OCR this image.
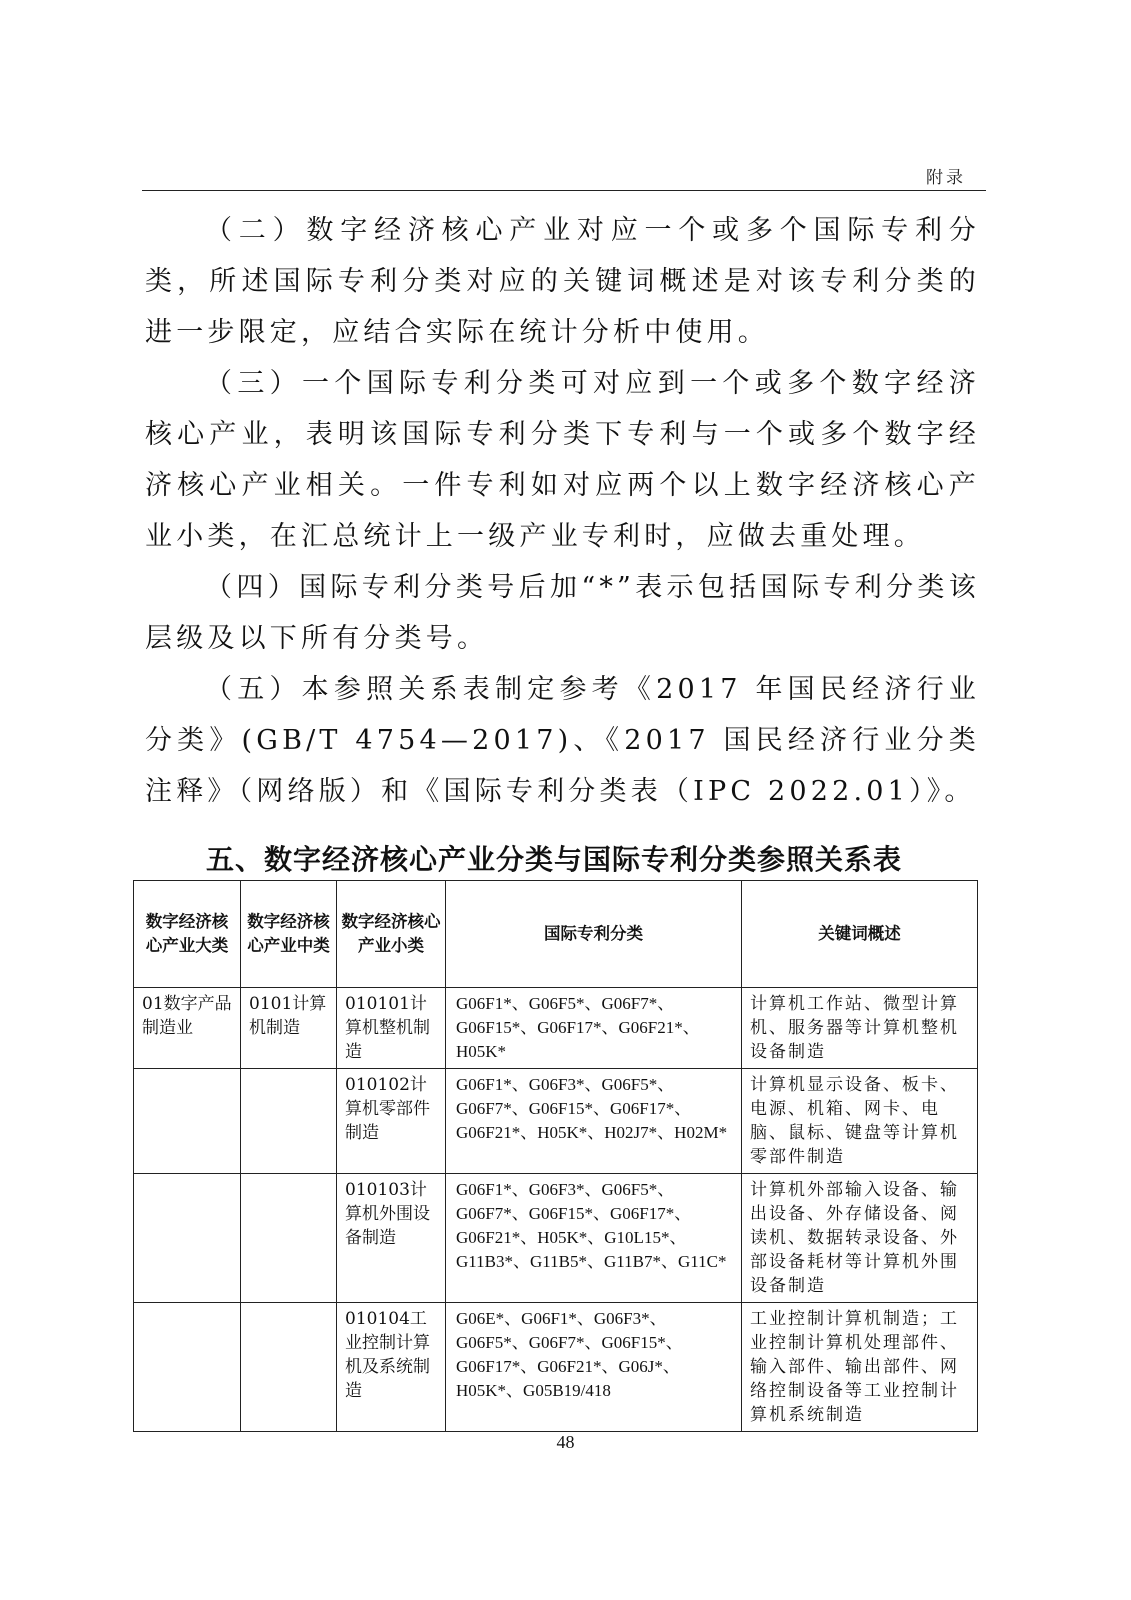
附录

（二）数字经济核心产业对应一个或多个国际专利分类，所述国际专利分类对应的关键词概述是对该专利分类的进一步限定，应结合实际在统计分析中使用。

（三）一个国际专利分类可对应到一个或多个数字经济核心产业，表明该国际专利分类下专利与一个或多个数字经济核心产业相关。一件专利如对应两个以上数字经济核心产业小类，在汇总统计上一级产业专利时，应做去重处理。

（四）国际专利分类号后加“*”表示包括国际专利分类该层级及以下所有分类号。

（五）本参照关系表制定参考《2017 年国民经济行业分类》(GB/T 4754—2017)、《2017 国民经济行业分类注释》（网络版）和《国际专利分类表（IPC 2022.01）》。

五、数字经济核心产业分类与国际专利分类参照关系表
数字经济核心产业大类	数字经济核心产业中类	数字经济核心产业小类	国际专利分类	关键词概述
01数字产品制造业	0101计算机制造	010101计算机整机制造	G06F1*、G06F5*、G06F7*、G06F15*、G06F17*、G06F21*、H05K*	计算机工作站、微型计算机、服务器等计算机整机设备制造
		010102计算机零部件制造	G06F1*、G06F3*、G06F5*、G06F7*、G06F15*、G06F17*、G06F21*、H05K*、H02J7*、H02M*	计算机显示设备、板卡、电源、机箱、网卡、电脑、鼠标、键盘等计算机零部件制造
		010103计算机外围设备制造	G06F1*、G06F3*、G06F5*、G06F7*、G06F15*、G06F17*、G06F21*、H05K*、G10L15*、G11B3*、G11B5*、G11B7*、G11C*	计算机外部输入设备、输出设备、外存储设备、阅读机、数据转录设备、外部设备耗材等计算机外围设备制造
		010104工业控制计算机及系统制造	G06E*、G06F1*、G06F3*、G06F5*、G06F7*、G06F15*、G06F17*、G06F21*、G06J*、H05K*、G05B19/418	工业控制计算机制造；工业控制计算机处理部件、输入部件、输出部件、网络控制设备等工业控制计算机系统制造
48
